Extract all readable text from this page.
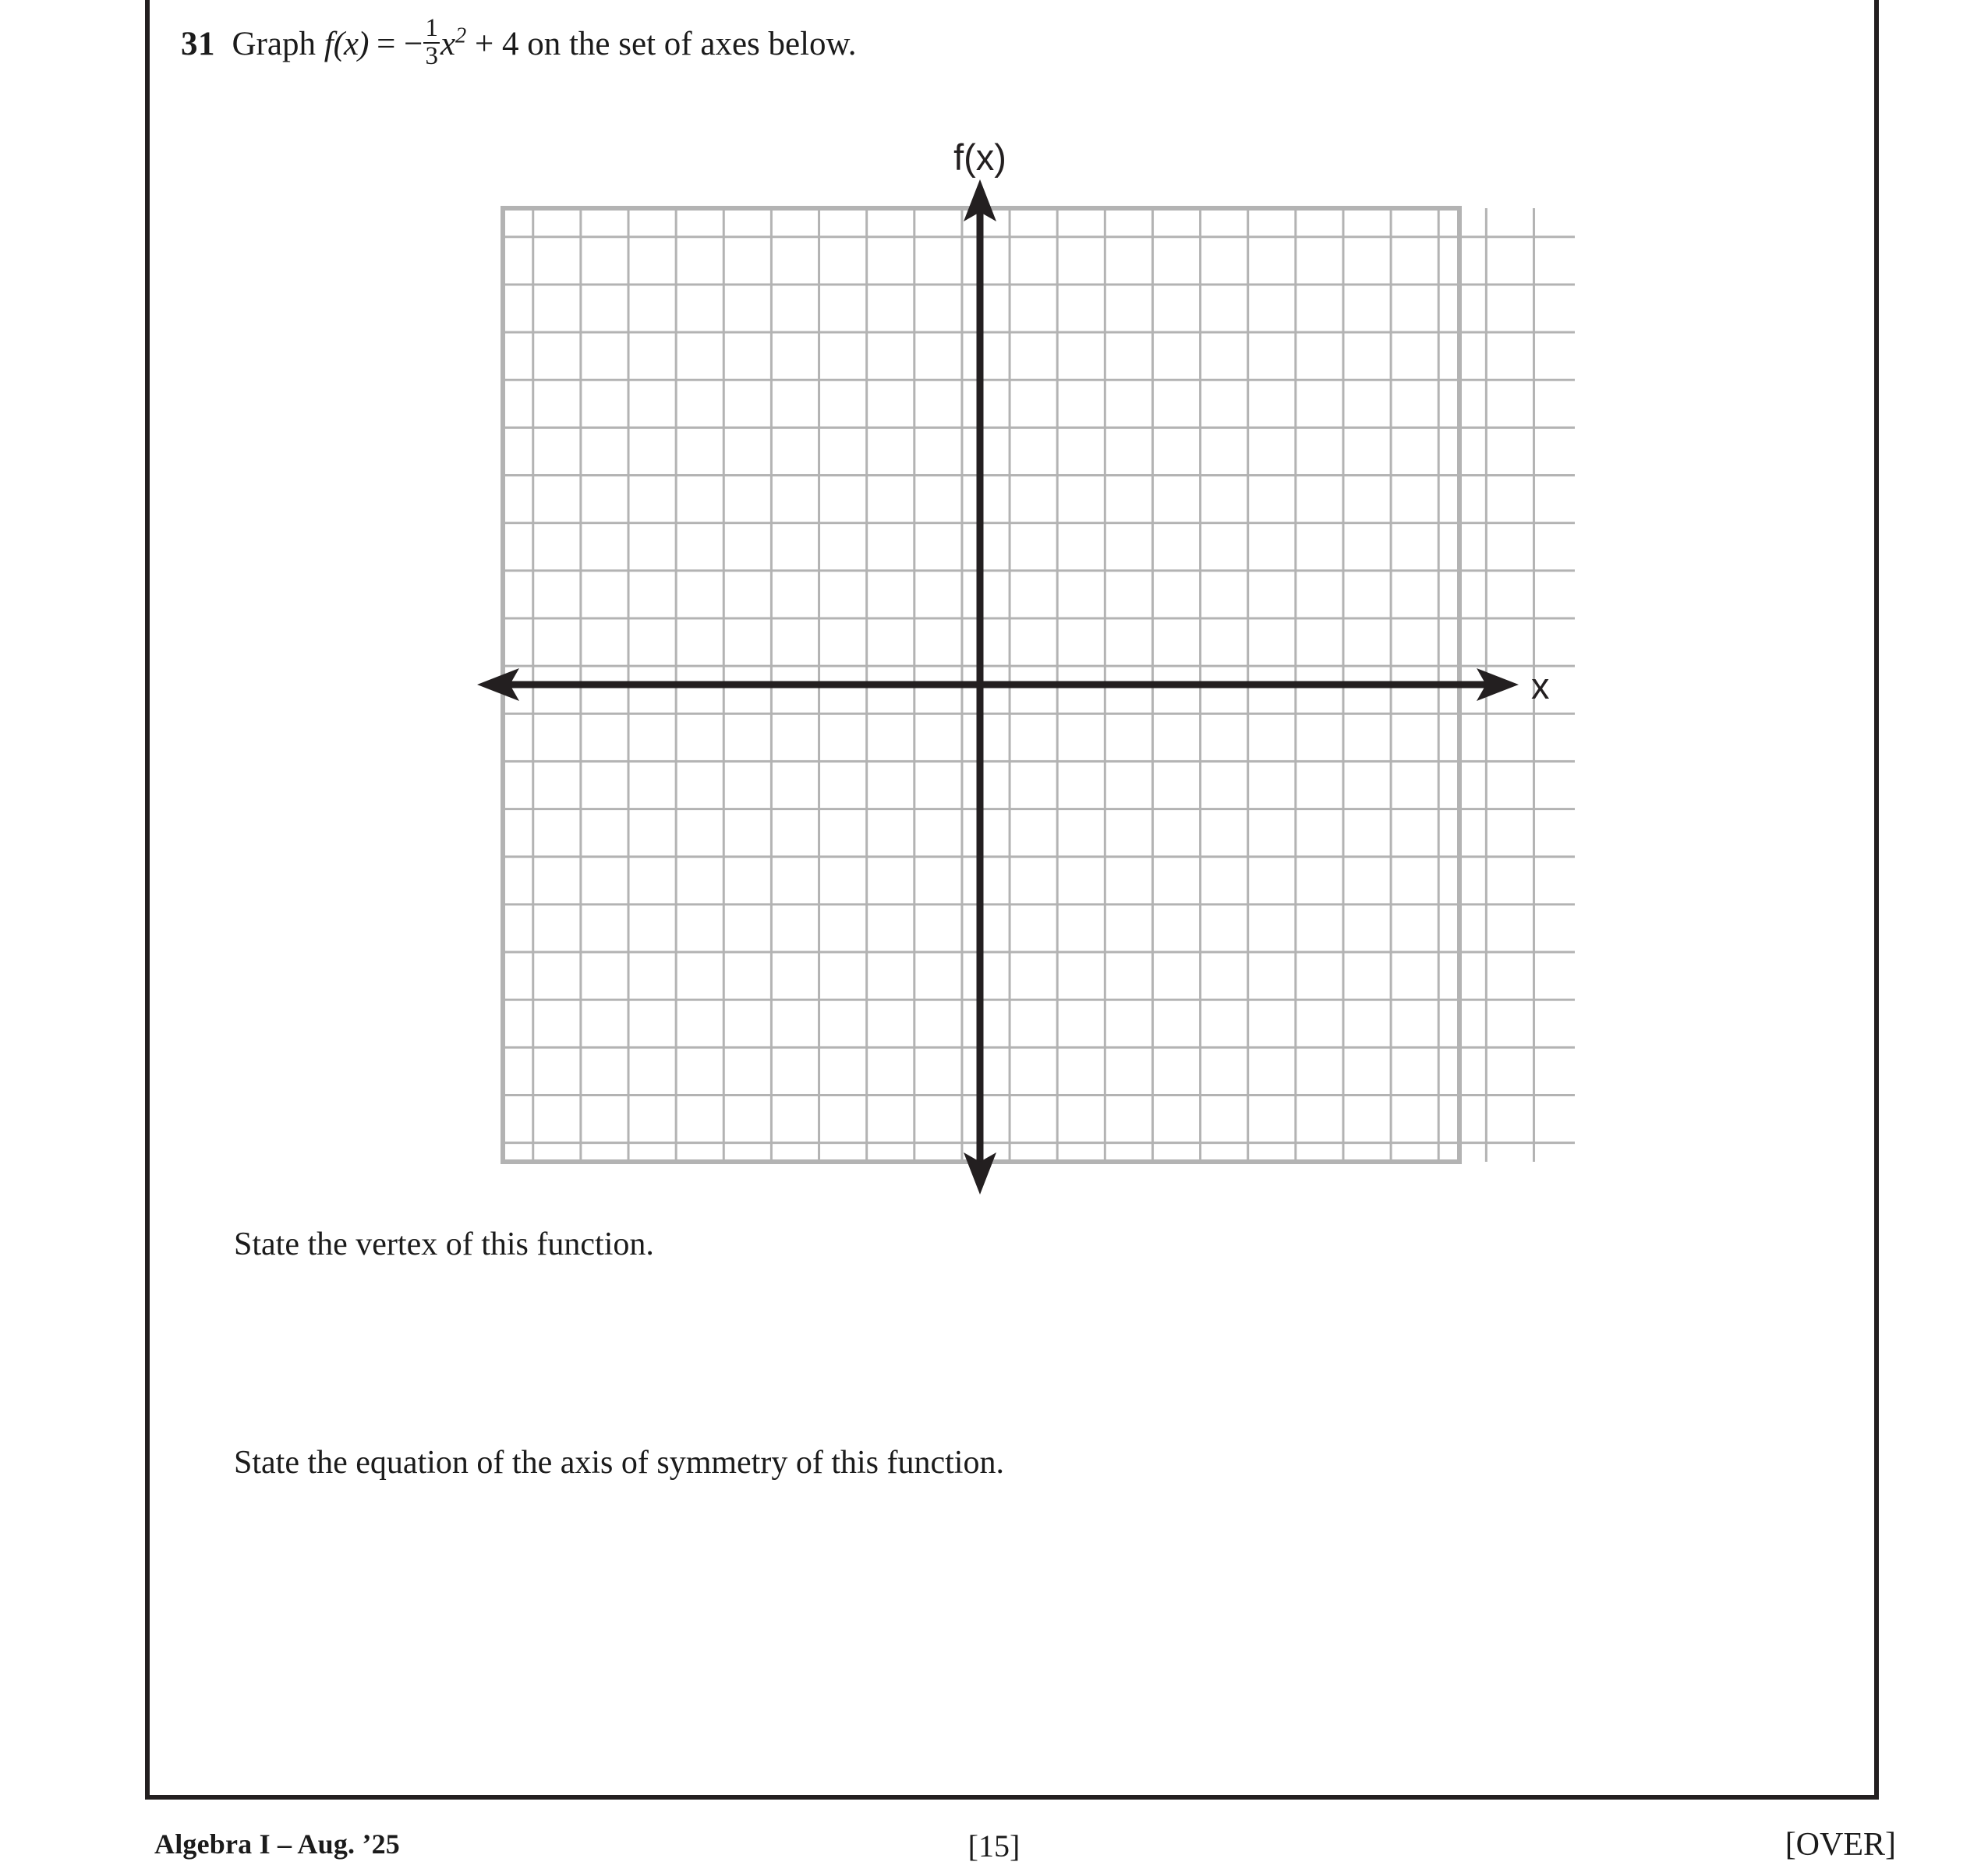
31 Graph f(x) = − $\frac{1}{3} x^2 + 4$ on the set of axes below.
f(x)
x
State the vertex of this function.
State the equation of the axis of symmetry of this function.
Algebra I – Aug. ’25	[15]	[OVER]
